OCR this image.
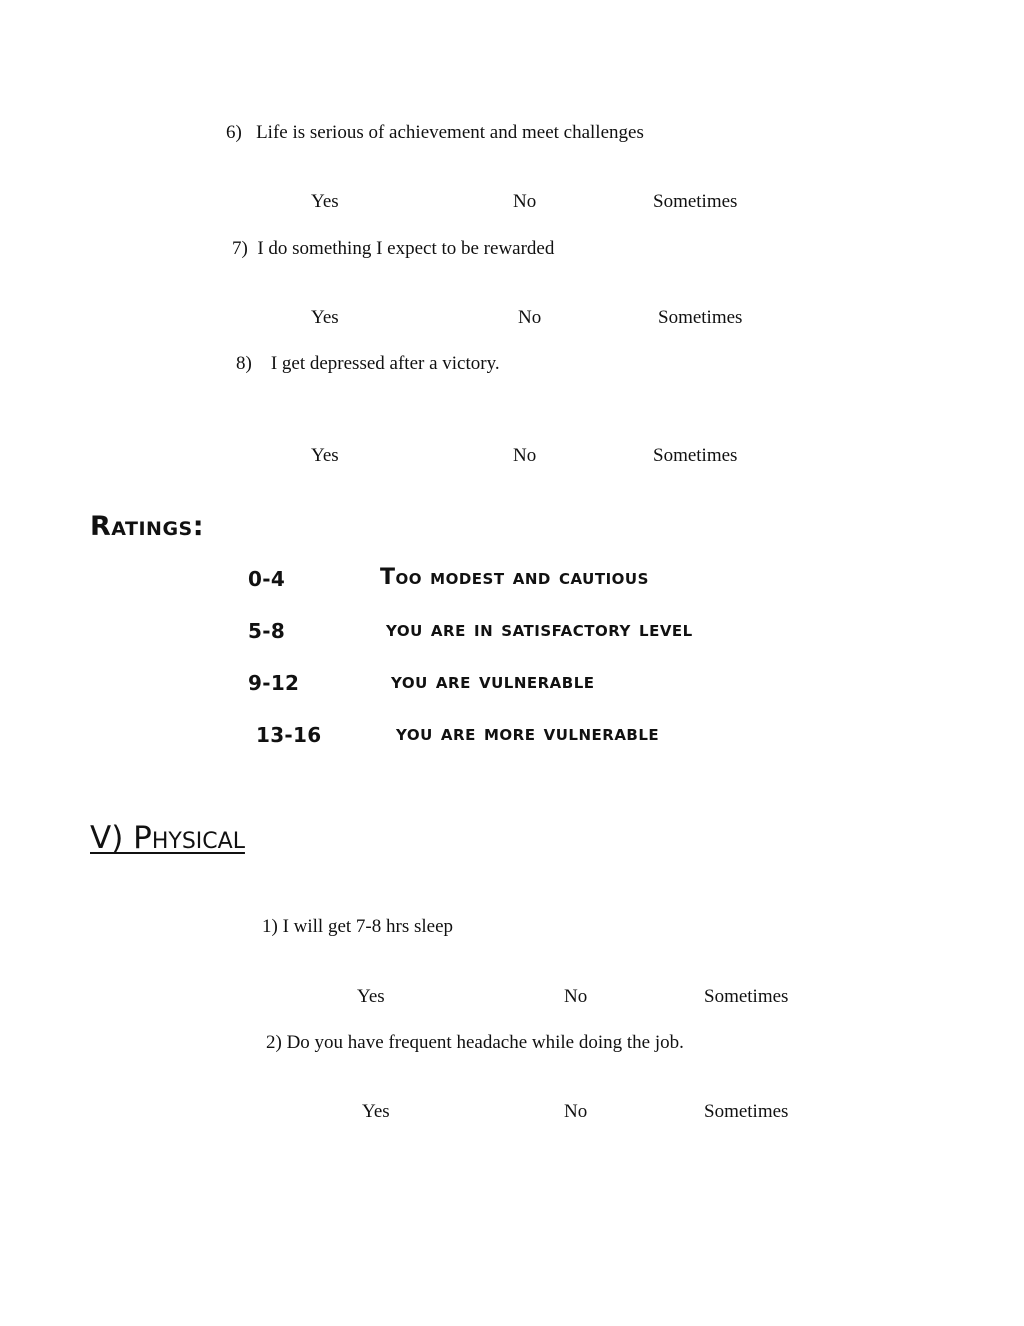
6) Life is serious of achievement and meet challenges
Yes	No	Sometimes
7) I do something I expect to be rewarded
Yes	No	Sometimes
8) I get depressed after a victory.
Yes	No	Sometimes
Ratings:
0-4	Too modest and cautious
5-8	you are in satisfactory level
9-12	you are vulnerable
13-16	you are more vulnerable
V) Physical
1) I will get 7-8 hrs sleep
Yes	No	Sometimes
2) Do you have frequent headache while doing the job.
Yes	No	Sometimes
